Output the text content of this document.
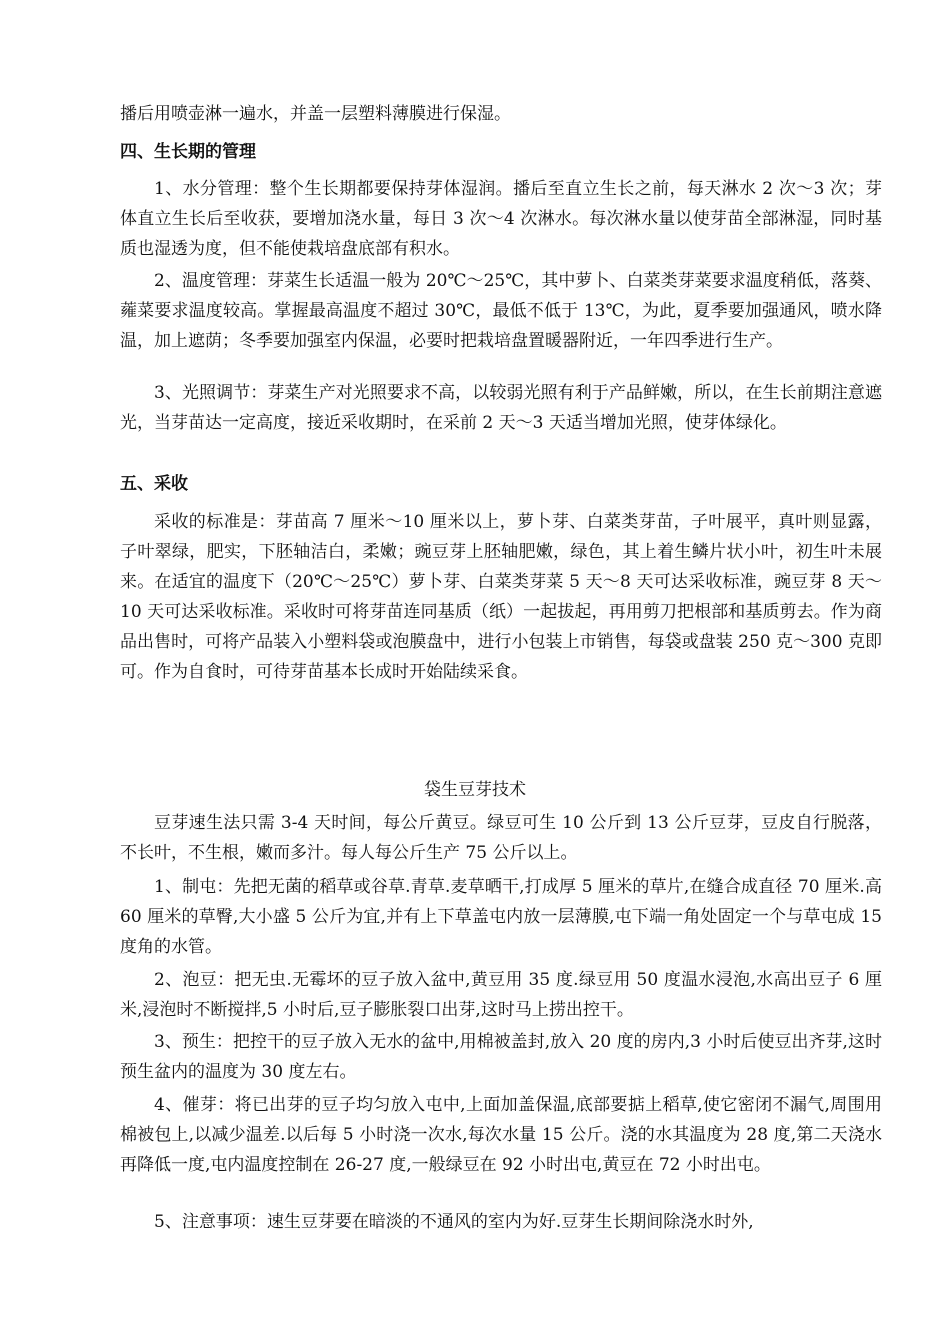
播后用喷壶淋一遍水，并盖一层塑料薄膜进行保湿。

四、生长期的管理

1、水分管理：整个生长期都要保持芽体湿润。播后至直立生长之前，每天淋水 2 次～3 次；芽体直立生长后至收获，要增加浇水量，每日 3 次～4 次淋水。每次淋水量以使芽苗全部淋湿，同时基质也湿透为度，但不能使栽培盘底部有积水。

2、温度管理：芽菜生长适温一般为 20℃～25℃，其中萝卜、白菜类芽菜要求温度稍低，落葵、蕹菜要求温度较高。掌握最高温度不超过 30℃，最低不低于 13℃，为此，夏季要加强通风，喷水降温，加上遮荫；冬季要加强室内保温，必要时把栽培盘置暖器附近，一年四季进行生产。

3、光照调节：芽菜生产对光照要求不高，以较弱光照有利于产品鲜嫩，所以，在生长前期注意遮光，当芽苗达一定高度，接近采收期时，在采前 2 天～3 天适当增加光照，使芽体绿化。

五、采收

采收的标准是：芽苗高 7 厘米～10 厘米以上，萝卜芽、白菜类芽苗，子叶展平，真叶则显露，子叶翠绿，肥实，下胚轴洁白，柔嫩；豌豆芽上胚轴肥嫩，绿色，其上着生鳞片状小叶，初生叶未展来。在适宜的温度下（20℃～25℃）萝卜芽、白菜类芽菜 5 天～8 天可达采收标准，豌豆芽 8 天～10 天可达采收标准。采收时可将芽苗连同基质（纸）一起拔起，再用剪刀把根部和基质剪去。作为商品出售时，可将产品装入小塑料袋或泡膜盘中，进行小包装上市销售，每袋或盘装 250 克～300 克即可。作为自食时，可待芽苗基本长成时开始陆续采食。

袋生豆芽技术

豆芽速生法只需 3-4 天时间，每公斤黄豆。绿豆可生 10 公斤到 13 公斤豆芽，豆皮自行脱落，不长叶，不生根，嫩而多汁。每人每公斤生产 75 公斤以上。

1、制屯：先把无菌的稻草或谷草.青草.麦草晒干,打成厚 5 厘米的草片,在缝合成直径 70 厘米.高 60 厘米的草臀,大小盛 5 公斤为宜,并有上下草盖屯内放一层薄膜,屯下端一角处固定一个与草屯成 15 度角的水管。

2、泡豆：把无虫.无霉坏的豆子放入盆中,黄豆用 35 度.绿豆用 50 度温水浸泡,水高出豆子 6 厘米,浸泡时不断搅拌,5 小时后,豆子膨胀裂口出芽,这时马上捞出控干。

3、预生：把控干的豆子放入无水的盆中,用棉被盖封,放入 20 度的房内,3 小时后使豆出齐芽,这时预生盆内的温度为 30 度左右。

4、催芽：将已出芽的豆子均匀放入屯中,上面加盖保温,底部要掂上稻草,使它密闭不漏气,周围用棉被包上,以减少温差.以后每 5 小时浇一次水,每次水量 15 公斤。浇的水其温度为 28 度,第二天浇水再降低一度,屯内温度控制在 26-27 度,一般绿豆在 92 小时出屯,黄豆在 72 小时出屯。

5、注意事项：速生豆芽要在暗淡的不通风的室内为好.豆芽生长期间除浇水时外,
